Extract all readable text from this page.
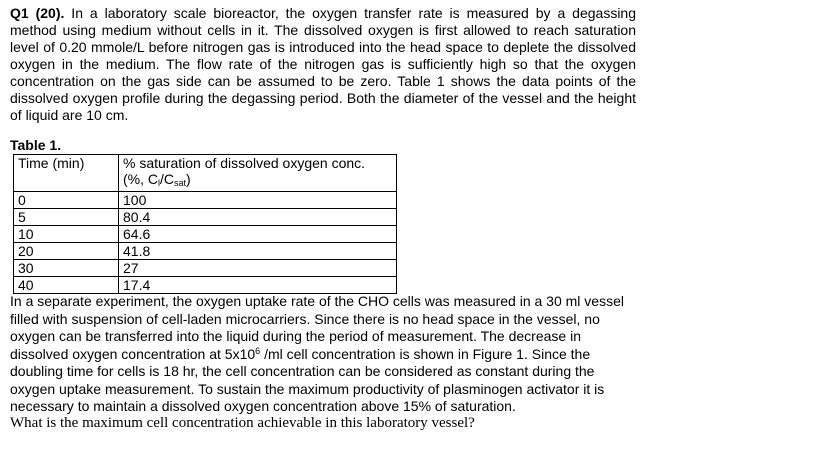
Q1 (20). In a laboratory scale bioreactor, the oxygen transfer rate is measured by a degassing method using medium without cells in it. The dissolved oxygen is first allowed to reach saturation level of 0.20 mmole/L before nitrogen gas is introduced into the head space to deplete the dissolved oxygen in the medium. The flow rate of the nitrogen gas is sufficiently high so that the oxygen concentration on the gas side can be assumed to be zero. Table 1 shows the data points of the dissolved oxygen profile during the degassing period. Both the diameter of the vessel and the height of liquid are 10 cm.
Table 1.
Time (min)	% saturation of dissolved oxygen conc.
(%, $C_l/C_{sat}$)

0	100
5	80.4
10	64.6
20	41.8
30	27
40	17.4
In a separate experiment, the oxygen uptake rate of the CHO cells was measured in a 30 ml vessel filled with suspension of cell-laden microcarriers. Since there is no head space in the vessel, no oxygen can be transferred into the liquid during the period of measurement. The decrease in dissolved oxygen concentration at $5x10^6$ /ml cell concentration is shown in Figure 1. Since the doubling time for cells is 18 hr, the cell concentration can be considered as constant during the oxygen uptake measurement. To sustain the maximum productivity of plasminogen activator it is necessary to maintain a dissolved oxygen concentration above 15% of saturation.
What is the maximum cell concentration achievable in this laboratory vessel?
